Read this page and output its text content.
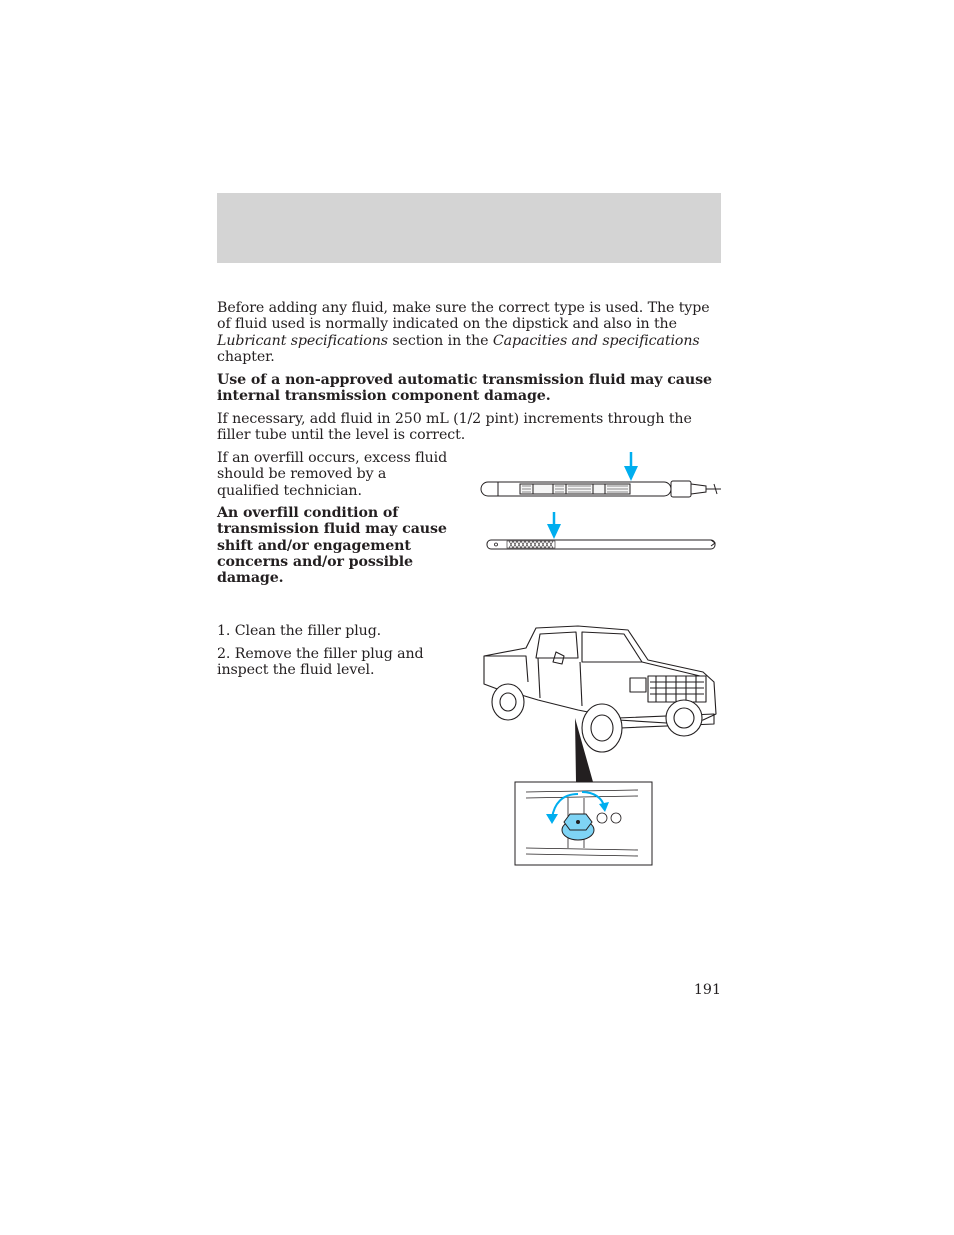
Before adding any fluid, make sure the correct type is used. The type of fluid used is normally indicated on the dipstick and also in the
Lubricant specifications section in the Capacities and specifications chapter.

Use of a non-approved automatic transmission fluid may cause internal transmission component damage.

If necessary, add fluid in 250 mL (1/2 pint) increments through the filler tube until the level is correct.

If an overfill occurs, excess fluid should be removed by a qualified technician.

An overfill condition of transmission fluid may cause shift and/or engagement concerns and/or possible damage.

1. Clean the filler plug.

2. Remove the filler plug and inspect the fluid level.

191
